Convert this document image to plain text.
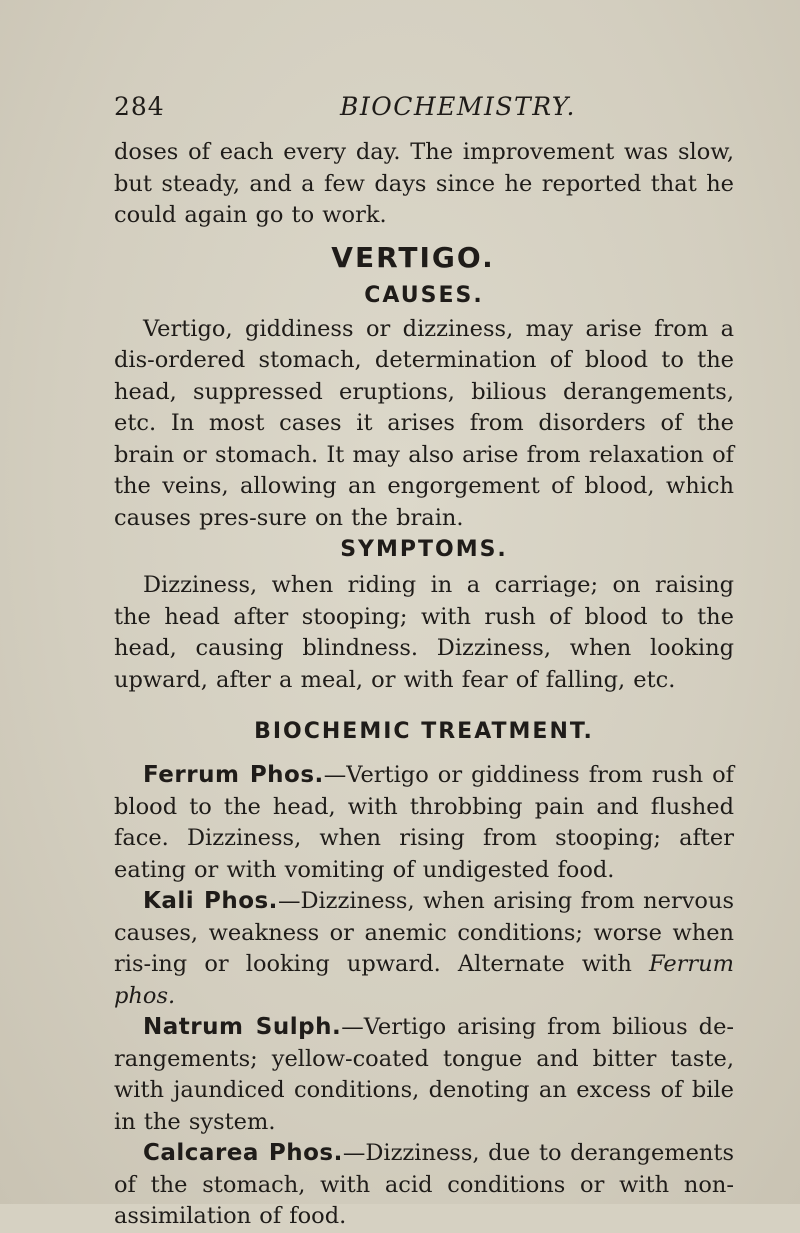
284	BIOCHEMISTRY.

doses of each every day. The improvement was slow, but steady, and a few days since he reported that he could again go to work.

VERTIGO.
CAUSES.

Vertigo, giddiness or dizziness, may arise from a dis-ordered stomach, determination of blood to the head, suppressed eruptions, bilious derangements, etc. In most cases it arises from disorders of the brain or stomach. It may also arise from relaxation of the veins, allowing an engorgement of blood, which causes pres-sure on the brain.

SYMPTOMS.

Dizziness, when riding in a carriage; on raising the head after stooping; with rush of blood to the head, causing blindness. Dizziness, when looking upward, after a meal, or with fear of falling, etc.

BIOCHEMIC TREATMENT.

Ferrum Phos.—Vertigo or giddiness from rush of blood to the head, with throbbing pain and flushed face. Dizziness, when rising from stooping; after eating or with vomiting of undigested food.

Kali Phos.—Dizziness, when arising from nervous causes, weakness or anemic conditions; worse when ris-ing or looking upward. Alternate with Ferrum phos.

Natrum Sulph.—Vertigo arising from bilious de-rangements; yellow-coated tongue and bitter taste, with jaundiced conditions, denoting an excess of bile in the system.

Calcarea Phos.—Dizziness, due to derangements of the stomach, with acid conditions or with non-assimilation of food.
